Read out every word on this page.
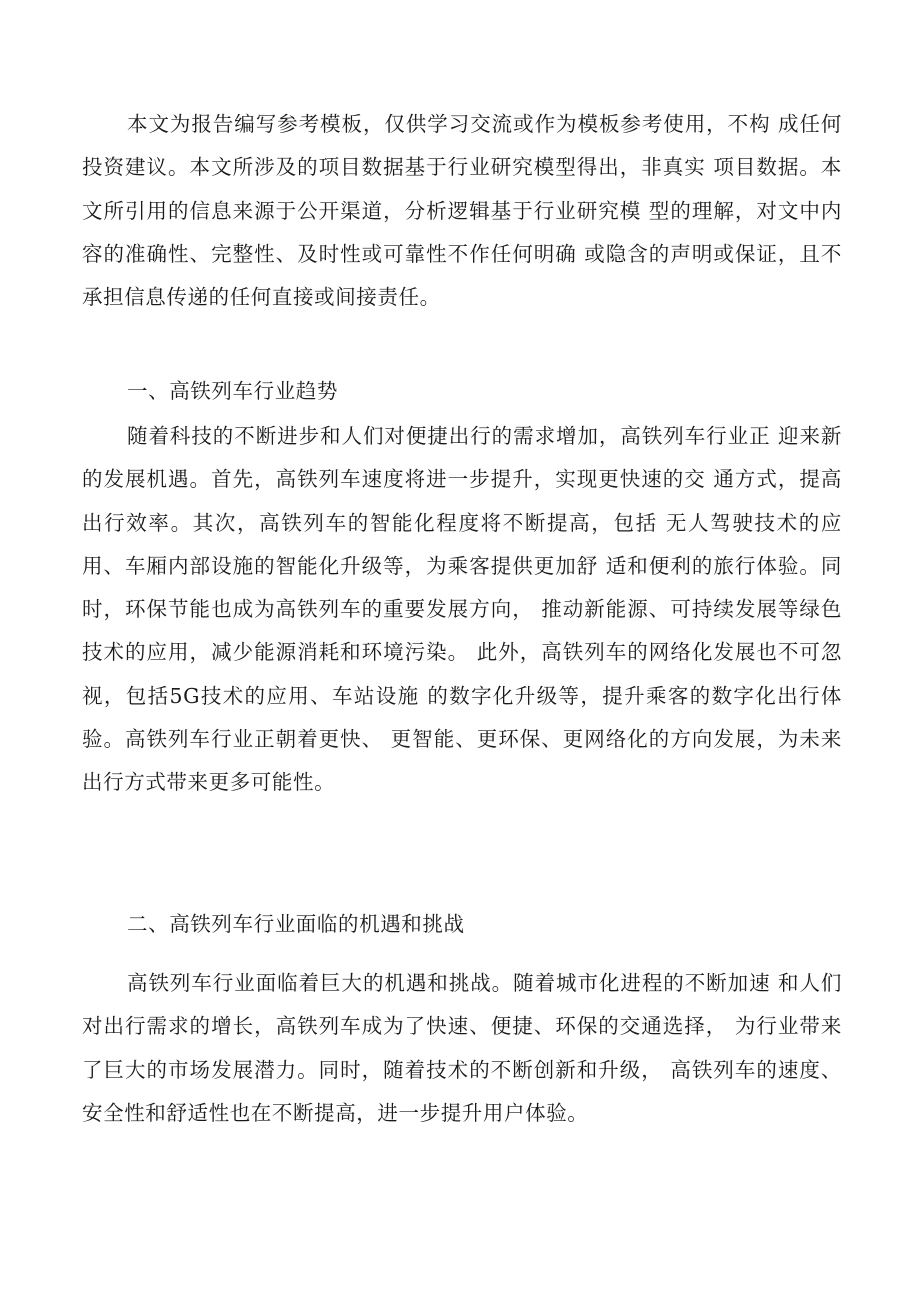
本文为报告编写参考模板，仅供学习交流或作为模板参考使用，不构 成任何投资建议。本文所涉及的项目数据基于行业研究模型得出，非真实 项目数据。本文所引用的信息来源于公开渠道，分析逻辑基于行业研究模 型的理解，对文中内容的准确性、完整性、及时性或可靠性不作任何明确 或隐含的声明或保证，且不承担信息传递的任何直接或间接责任。

一、高铁列车行业趋势

随着科技的不断进步和人们对便捷出行的需求增加，高铁列车行业正 迎来新的发展机遇。首先，高铁列车速度将进一步提升，实现更快速的交 通方式，提高出行效率。其次，高铁列车的智能化程度将不断提高，包括 无人驾驶技术的应用、车厢内部设施的智能化升级等，为乘客提供更加舒 适和便利的旅行体验。同时，环保节能也成为高铁列车的重要发展方向， 推动新能源、可持续发展等绿色技术的应用，减少能源消耗和环境污染。 此外，高铁列车的网络化发展也不可忽视，包括5G技术的应用、车站设施 的数字化升级等，提升乘客的数字化出行体验。高铁列车行业正朝着更快、 更智能、更环保、更网络化的方向发展，为未来出行方式带来更多可能性。

二、高铁列车行业面临的机遇和挑战

高铁列车行业面临着巨大的机遇和挑战。随着城市化进程的不断加速 和人们对出行需求的增长，高铁列车成为了快速、便捷、环保的交通选择， 为行业带来了巨大的市场发展潜力。同时，随着技术的不断创新和升级， 高铁列车的速度、安全性和舒适性也在不断提高，进一步提升用户体验。
